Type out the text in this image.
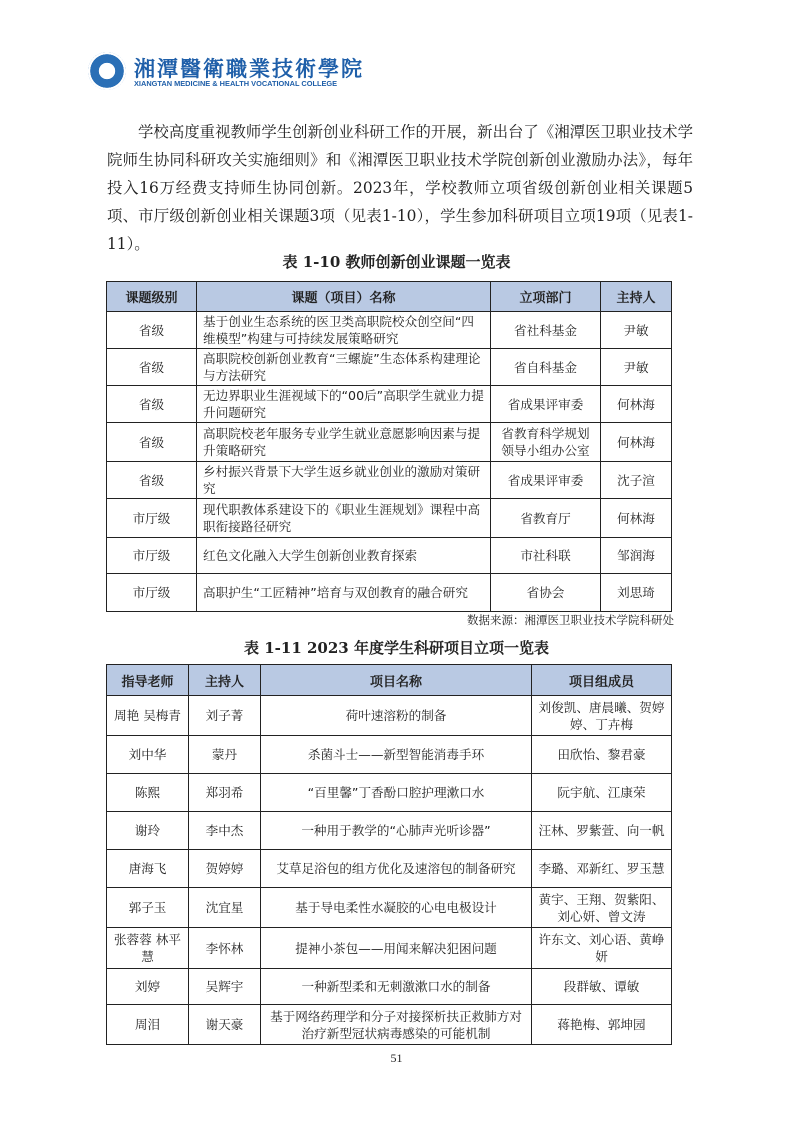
湘潭醫衛職業技術學院
XIANGTAN MEDICINE & HEALTH VOCATIONAL COLLEGE

学校高度重视教师学生创新创业科研工作的开展，新出台了《湘潭医卫职业技术学院师生协同科研攻关实施细则》和《湘潭医卫职业技术学院创新创业激励办法》，每年投入16万经费支持师生协同创新。2023年，学校教师立项省级创新创业相关课题5项、市厅级创新创业相关课题3项（见表1-10），学生参加科研项目立项19项（见表1-11）。

表 1-10 教师创新创业课题一览表
课题级别	课题（项目）名称	立项部门	主持人
省级	基于创业生态系统的医卫类高职院校众创空间“四维模型”构建与可持续发展策略研究	省社科基金	尹敏
省级	高职院校创新创业教育“三螺旋”生态体系构建理论与方法研究	省自科基金	尹敏
省级	无边界职业生涯视域下的“00后”高职学生就业力提升问题研究	省成果评审委	何林海
省级	高职院校老年服务专业学生就业意愿影响因素与提升策略研究	省教育科学规划领导小组办公室	何林海
省级	乡村振兴背景下大学生返乡就业创业的激励对策研究	省成果评审委	沈子渲
市厅级	现代职教体系建设下的《职业生涯规划》课程中高职衔接路径研究	省教育厅	何林海
市厅级	红色文化融入大学生创新创业教育探索	市社科联	邹润海
市厅级	高职护生“工匠精神”培育与双创教育的融合研究	省协会	刘思琦
数据来源：湘潭医卫职业技术学院科研处
表 1-11 2023 年度学生科研项目立项一览表
指导老师	主持人	项目名称	项目组成员
周艳 吴梅青	刘子菁	荷叶速溶粉的制备	刘俊凯、唐晨曦、贺婷婷、丁卉梅
刘中华	蒙丹	杀菌斗士——新型智能消毒手环	田欣怡、黎君豪
陈熙	郑羽希	“百里馨”丁香酚口腔护理漱口水	阮宇航、江康荣
谢玲	李中杰	一种用于教学的“心肺声光听诊器”	汪林、罗紫萱、向一帆
唐海飞	贺婷婷	艾草足浴包的组方优化及速溶包的制备研究	李璐、邓新红、罗玉慧
郭子玉	沈宜星	基于导电柔性水凝胶的心电电极设计	黄宇、王翔、贺紫阳、刘心妍、曾文涛
张蓉蓉 林平慧	李怀林	提神小茶包——用闻来解决犯困问题	许东文、刘心语、黄峥妍
刘婷	吴辉宇	一种新型柔和无刺激漱口水的制备	段群敏、谭敏
周泪	谢天豪	基于网络药理学和分子对接探析扶正救肺方对治疗新型冠状病毒感染的可能机制	蒋艳梅、郭坤园
51
